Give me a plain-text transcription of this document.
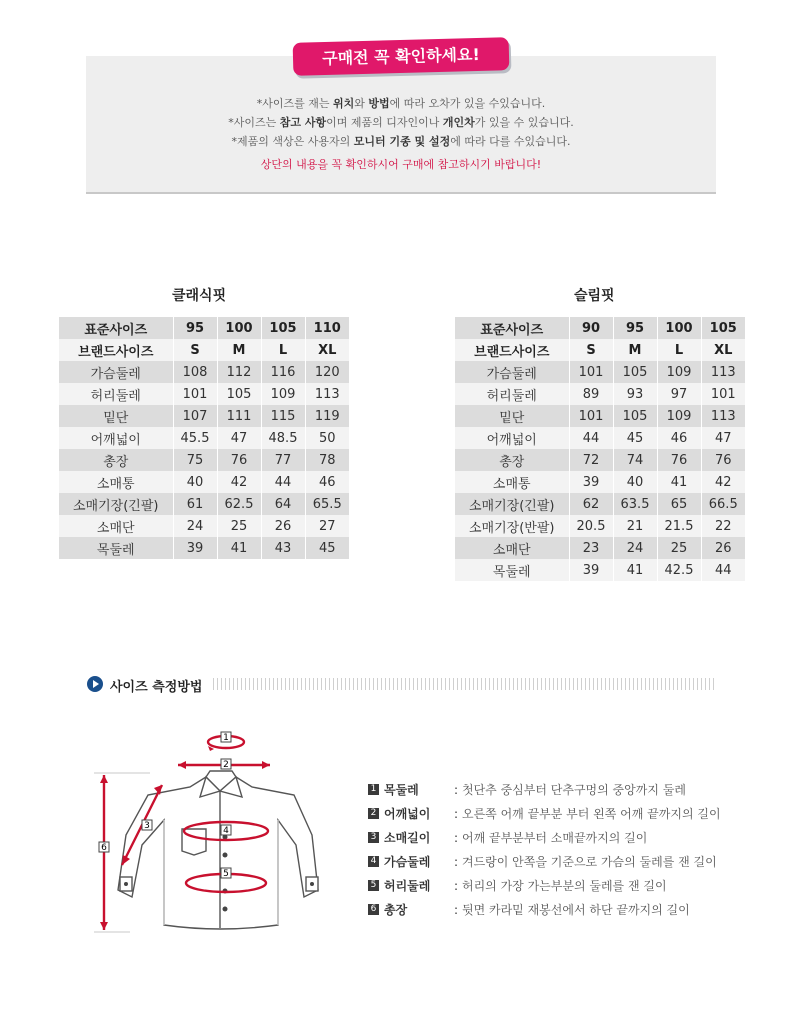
구매전 꼭 확인하세요!

*사이즈를 재는 위치와 방법에 따라 오차가 있을 수있습니다.

*사이즈는 참고 사항이며 제품의 디자인이나 개인차가 있을 수 있습니다.

*제품의 색상은 사용자의 모니터 기종 및 설정에 따라 다를 수있습니다.

상단의 내용을 꼭 확인하시어 구매에 참고하시기 바랍니다!

클래식핏
표준사이즈	95	100	105	110
브랜드사이즈	S	M	L	XL
가슴둘레	108	112	116	120
허리둘레	101	105	109	113
밑단	107	111	115	119
어깨넓이	45.5	47	48.5	50
총장	75	76	77	78
소매통	40	42	44	46
소매기장(긴팔)	61	62.5	64	65.5
소매단	24	25	26	27
목둘레	39	41	43	45
슬림핏
표준사이즈	90	95	100	105
브랜드사이즈	S	M	L	XL
가슴둘레	101	105	109	113
허리둘레	89	93	97	101
밑단	101	105	109	113
어깨넓이	44	45	46	47
총장	72	74	76	76
소매통	39	40	41	42
소매기장(긴팔)	62	63.5	65	66.5
소매기장(반팔)	20.5	21	21.5	22
소매단	23	24	25	26
목둘레	39	41	42.5	44
사이즈 측정방법
1
2
3	4
5
6
1 목둘레	: 첫단추 중심부터 단추구멍의 중앙까지 둘레
2 어깨넓이 : 오른쪽 어깨 끝부분 부터 왼쪽 어깨 끝까지의 길이
3 소매길이 : 어깨 끝부분부터 소매끝까지의 길이
4 가슴둘레 : 겨드랑이 안쪽을 기준으로 가슴의 둘레를 잰 길이
5 허리둘레 : 허리의 가장 가는부분의 둘레를 잰 길이
6 총장	: 뒷면 카라밑 재봉선에서 하단 끝까지의 길이
